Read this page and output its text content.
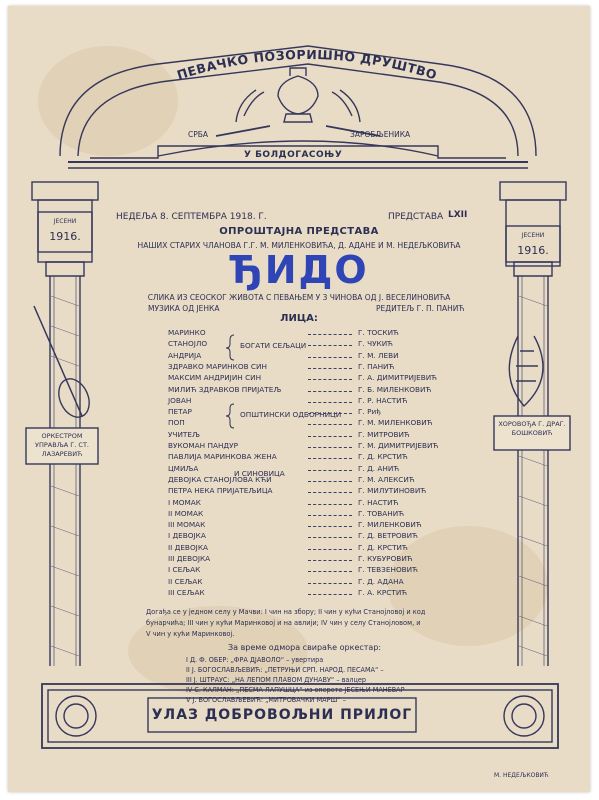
ПЕВАЧКО ПОЗОРИШНО ДРУШТВО
СРБА	ЗАРОБЉЕНИКА
У БОЛДОГАСОЊУ
ЈЕСЕНИ
1916.	ЈЕСЕНИ
1916.
ОРКЕСТРОМ УПРАВЉА Г. СТ. ЛАЗАРЕВИЋ
ХОРОВОЂА Г. ДРАГ. БОШКОВИЋ
НЕДЕЉА 8. СЕПТЕМБРА 1918. Г.	ПРЕДСТАВА LXII
ОПРОШТАЈНА ПРЕДСТАВА
НАШИХ СТАРИХ ЧЛАНОВА Г.Г. М. МИЛЕНКОВИЋА, Д. АДАНЕ И М. НЕДЕЉКОВИЋА
ЂИДО
СЛИКА ИЗ СЕОСКОГ ЖИВОТА С ПЕВАЊЕМ У 3 ЧИНОВА ОД Ј. ВЕСЕЛИНОВИЋА
МУЗИКА ОД ЈЕНКА	РЕДИТЕЉ Г. П. ПАНИЋ
ЛИЦА:
БОГАТИ СЕЉАЦИ
ОПШТИНСКИ ОДБОРНИЦИ
И СИНОВИЦА
Догађа се у једном селу у Мачви: I чин на збору; II чин у кући Станојловој и код
бунарчића; III чин у кући Маринковој и на авлији; IV чин у селу Станојловом, и
V чин у кући Маринковој.
За време одмора свираће оркестар:
I Д. Ф. ОБЕР: „ФРА ДЈАВОЛО“ – увертира
II Ј. БОГОСЛАВЉЕВИЋ: „ПЕТРУЊИ СРП. НАРОД. ПЕСАМА“ –
III Ј. ШТРАУС: „НА ЛЕПОМ ПЛАВОМ ДУНАВУ“ – валцер
IV С. КАЛМАН: „ПЕСМА ЛАПУШЦА“ из оперете ЈЕСЕЊИ МАНЕВАР –
V Ј. БОГОСЛАВЉЕВИЋ: „МИТРОВАЧКИ МАРШ“ –
УЛАЗ ДОБРОВОЉНИ ПРИЛОГ
М. НЕДЕЉКОВИЋ
МАРИНКО	Г. ТОСКИЋ
СТАНОЈЛО	Г. ЧУКИЋ
АНДРИЈА	Г. М. ЛЕВИ
ЗДРАВКО МАРИНКОВ СИН	Г. ПАНИЋ
МАКСИМ АНДРИЈИН СИН	Г. А. ДИМИТРИЈЕВИЋ
МИЛИЋ ЗДРАВКОВ ПРИЈАТЕЉ	Г. Б. МИЛЕНКОВИЋ
ЈОВАН	Г. Р. НАСТИЋ
ПЕТАР	Г. Риђ
ПОП	Г. М. МИЛЕНКОВИЋ
УЧИТЕЉ	Г. МИТРОВИЋ
ВУКОМАН ПАНДУР	Г. М. ДИМИТРИЈЕВИЋ
ПАВЛИЈА МАРИНКОВА ЖЕНА	Г. Д. КРСТИЋ
ЦМИЉА	Г. Д. АНИЋ
ДЕВОЈКА СТАНОЈЛОВА КЋИ	Г. М. АЛЕКСИЋ
ПЕТРА НЕКА ПРИЈАТЕЉИЦА	Г. МИЛУТИНОВИЋ
I МОМАК	Г. НАСТИЋ
II МОМАК	Г. ТОВАНИЋ
III МОМАК	Г. МИЛЕНКОВИЋ
I ДЕВОЈКА	Г. Д. ВЕТРОВИЋ
II ДЕВОЈКА	Г. Д. КРСТИЋ
III ДЕВОЈКА	Г. КУБУРОВИЋ
I СЕЉАК	Г. ТЕВЗЕНОВИЋ
II СЕЉАК	Г. Д. АДАНА
III СЕЉАК	Г. А. КРСТИЋ
